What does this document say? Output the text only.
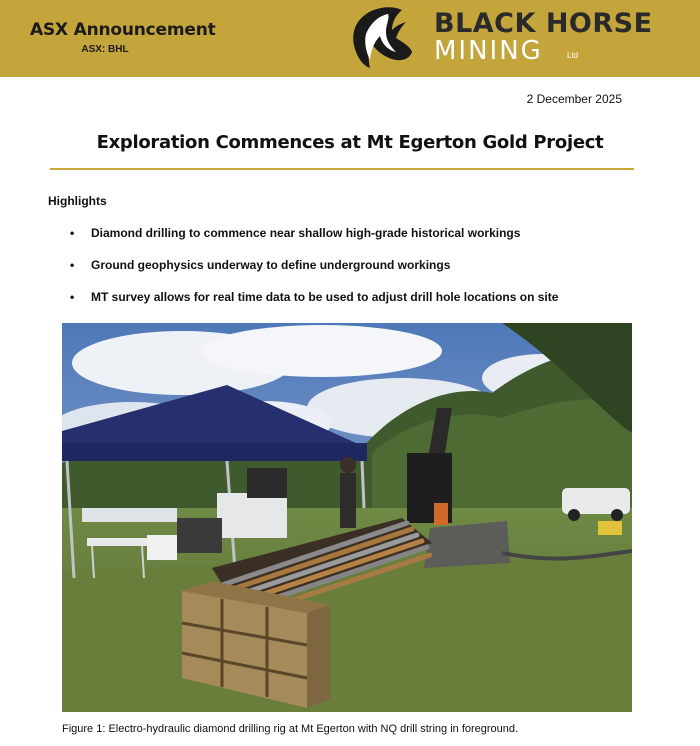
ASX Announcement
ASX: BHL
BLACK HORSE
MINING	Ltd
2 December 2025
Exploration Commences at Mt Egerton Gold Project
Highlights
• Diamond drilling to commence near shallow high-grade historical workings
• Ground geophysics underway to define underground workings
• MT survey allows for real time data to be used to adjust drill hole locations on site
Figure 1: Electro-hydraulic diamond drilling rig at Mt Egerton with NQ drill string in foreground.
